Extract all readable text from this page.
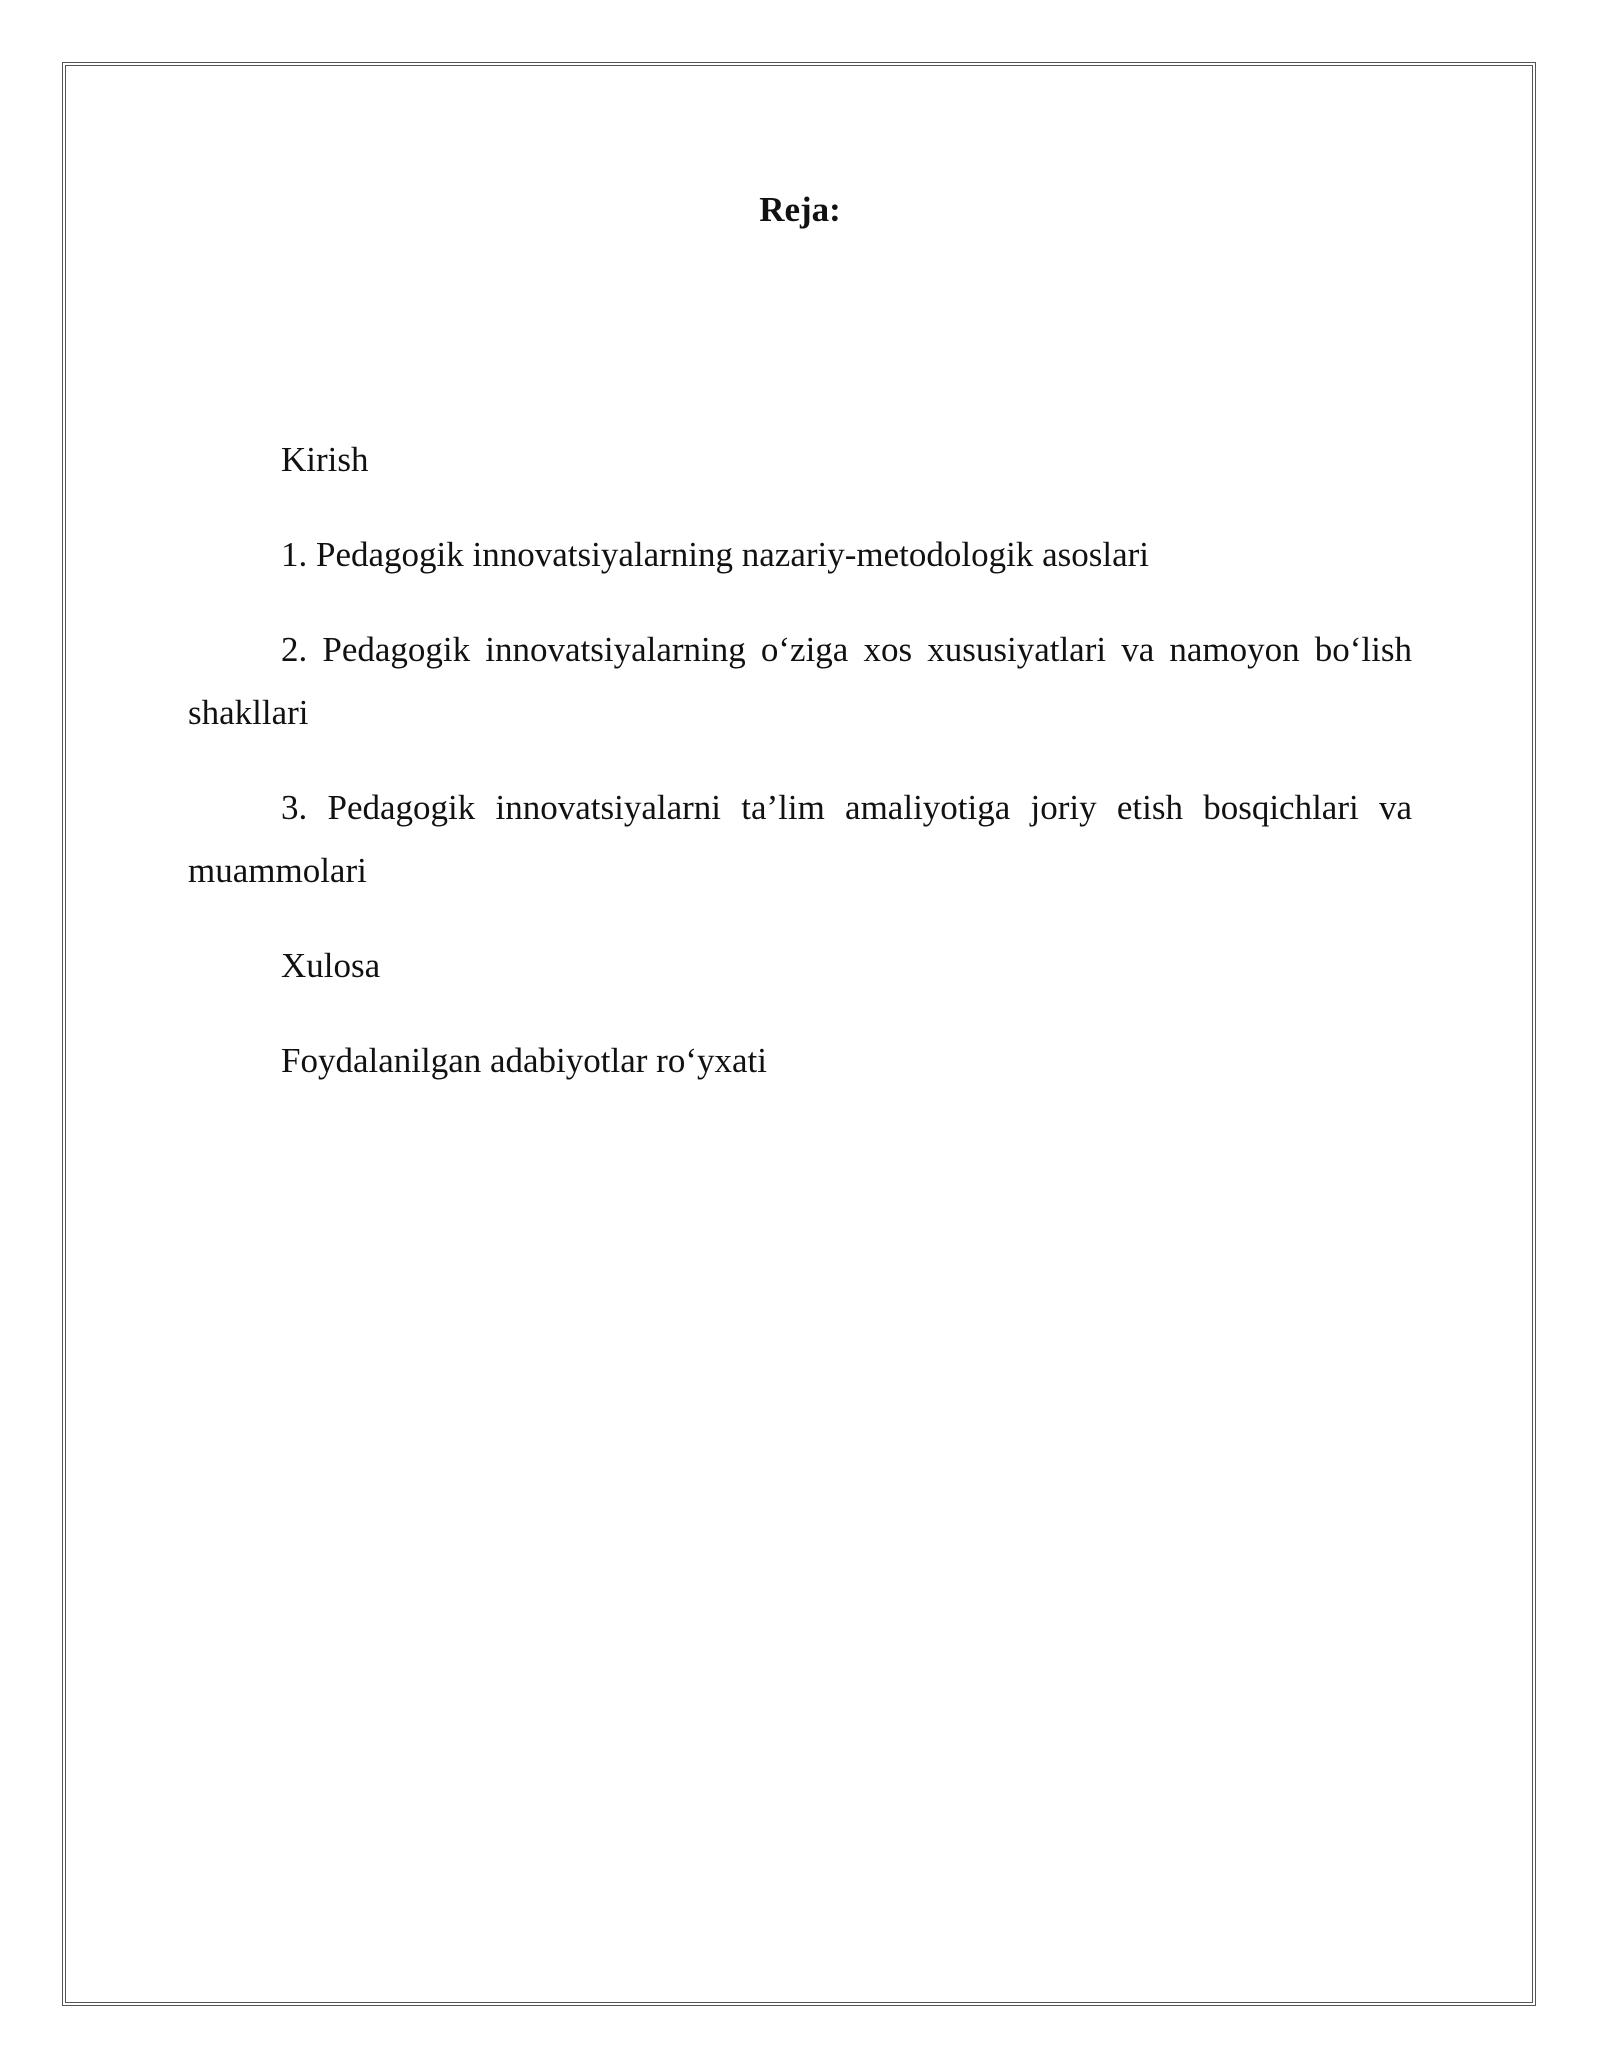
Reja:
Kirish
1. Pedagogik innovatsiyalarning nazariy-metodologik asoslari
2. Pedagogik innovatsiyalarning o‘ziga xos xususiyatlari va namoyon bo‘lish shakllari
3. Pedagogik innovatsiyalarni ta’lim amaliyotiga joriy etish bosqichlari va muammolari
Xulosa
Foydalanilgan adabiyotlar ro‘yxati
